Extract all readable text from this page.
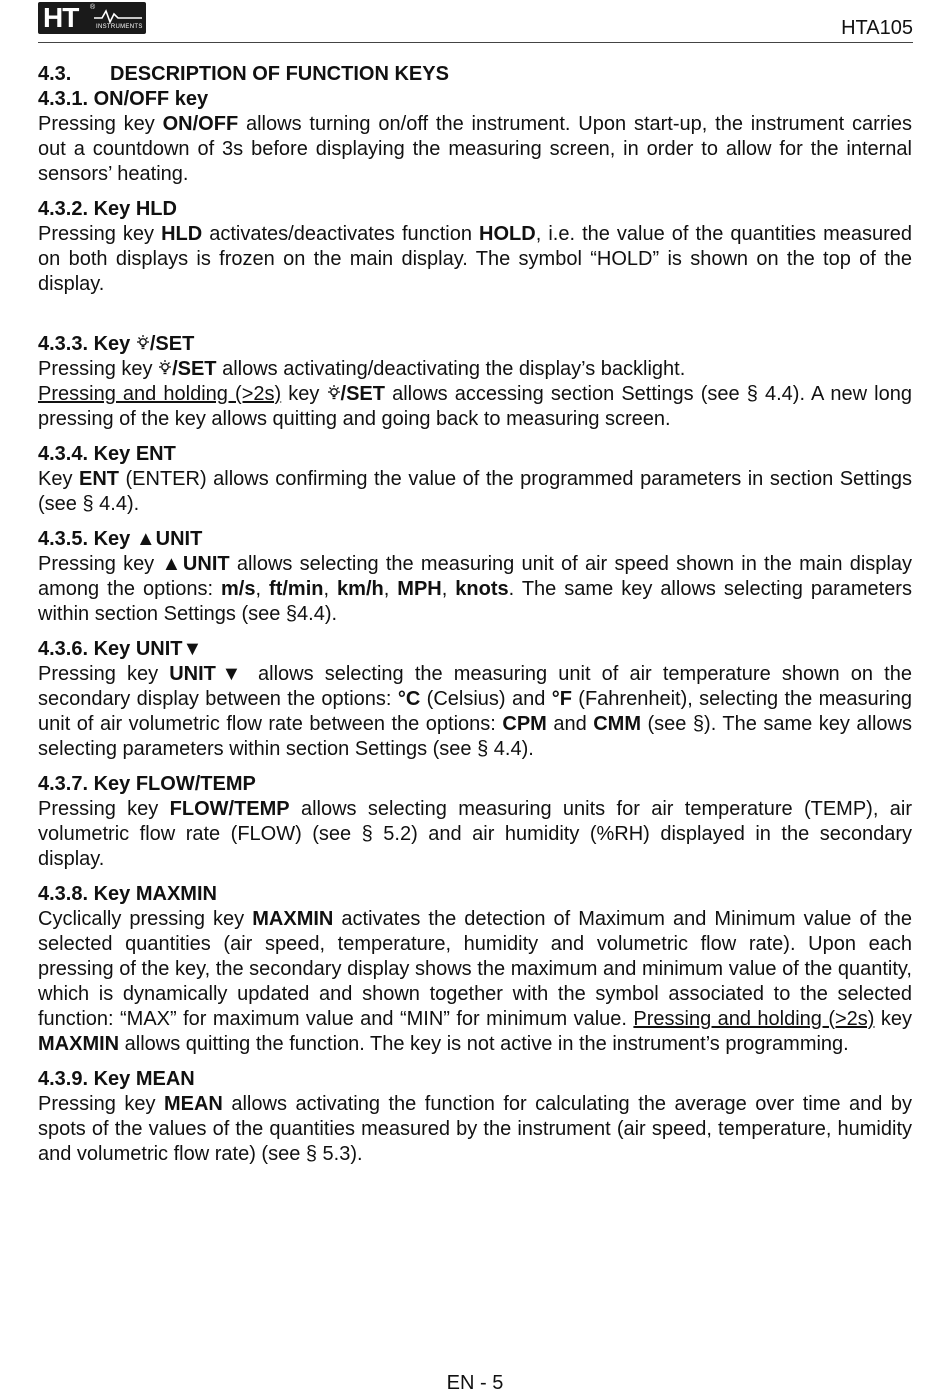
HT ®
INSTRUMENTS	HTA105
4.3. DESCRIPTION OF FUNCTION KEYS
4.3.1. ON/OFF key

Pressing key ON/OFF allows turning on/off the instrument. Upon start-up, the instrument carries out a countdown of 3s before displaying the measuring screen, in order to allow for the internal sensors’ heating.

4.3.2. Key HLD

Pressing key HLD activates/deactivates function HOLD, i.e. the value of the quantities measured on both displays is frozen on the main display. The symbol “HOLD” is shown on the top of the display.

4.3.3. Key /SET

Pressing key /SET allows activating/deactivating the display’s backlight.

Pressing and holding (>2s) key /SET allows accessing section Settings (see § 4.4). A new long pressing of the key allows quitting and going back to measuring screen.

4.3.4. Key ENT

Key ENT (ENTER) allows confirming the value of the programmed parameters in section Settings (see § 4.4).

4.3.5. Key ▲UNIT

Pressing key ▲UNIT allows selecting the measuring unit of air speed shown in the main display among the options: m/s, ft/min, km/h, MPH, knots. The same key allows selecting parameters within section Settings (see §4.4).

4.3.6. Key UNIT▼

Pressing key UNIT▼ allows selecting the measuring unit of air temperature shown on the secondary display between the options: °C (Celsius) and °F (Fahrenheit), selecting the measuring unit of air volumetric flow rate between the options: CPM and CMM (see §). The same key allows selecting parameters within section Settings (see § 4.4).

4.3.7. Key FLOW/TEMP

Pressing key FLOW/TEMP allows selecting measuring units for air temperature (TEMP), air volumetric flow rate (FLOW) (see § 5.2) and air humidity (%RH) displayed in the secondary display.

4.3.8. Key MAXMIN

Cyclically pressing key MAXMIN activates the detection of Maximum and Minimum value of the selected quantities (air speed, temperature, humidity and volumetric flow rate). Upon each pressing of the key, the secondary display shows the maximum and minimum value of the quantity, which is dynamically updated and shown together with the symbol associated to the selected function: “MAX” for maximum value and “MIN” for minimum value. Pressing and holding (>2s) key MAXMIN allows quitting the function. The key is not active in the instrument’s programming.

4.3.9. Key MEAN

Pressing key MEAN allows activating the function for calculating the average over time and by spots of the values of the quantities measured by the instrument (air speed, temperature, humidity and volumetric flow rate) (see § 5.3).

EN - 5
